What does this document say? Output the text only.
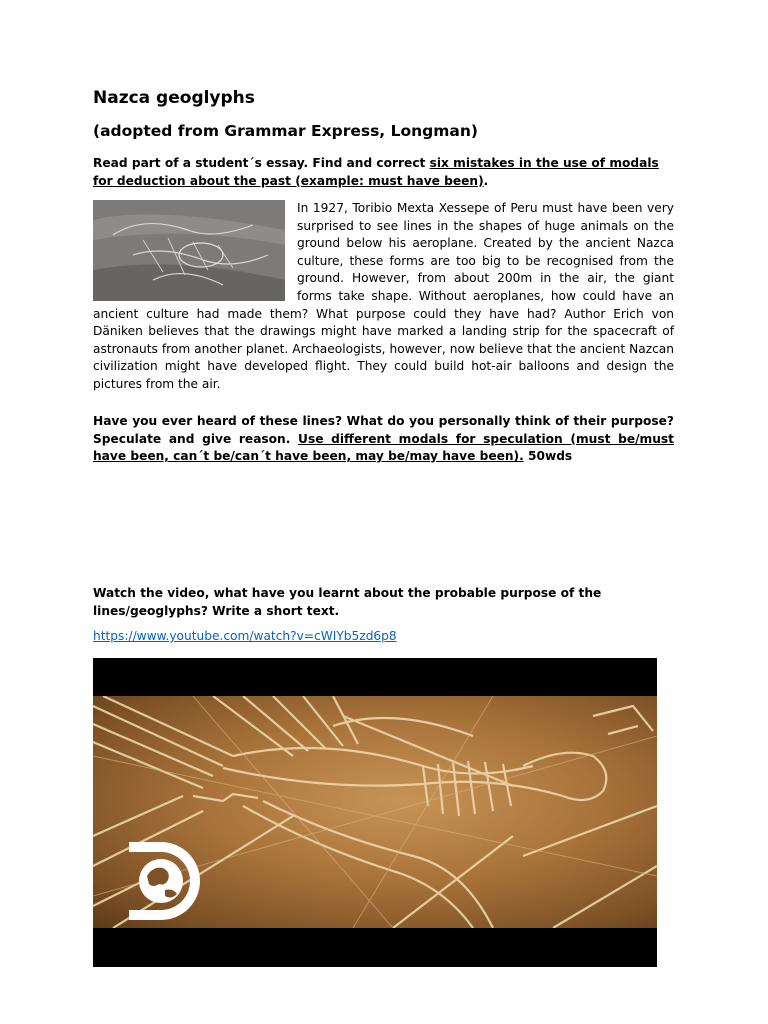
Nazca geoglyphs
(adopted from Grammar Express, Longman)

Read part of a student´s essay. Find and correct six mistakes in the use of modals for deduction about the past (example: must have been).

In 1927, Toribio Mexta Xessepe of Peru must have been very surprised to see lines in the shapes of huge animals on the ground below his aeroplane. Created by the ancient Nazca culture, these forms are too big to be recognised from the ground. However, from about 200m in the air, the giant forms take shape. Without aeroplanes, how could have an ancient culture had made them? What purpose could they have had? Author Erich von Däniken believes that the drawings might have marked a landing strip for the spacecraft of astronauts from another planet. Archaeologists, however, now believe that the ancient Nazcan civilization might have developed flight. They could build hot-air balloons and design the pictures from the air.

Have you ever heard of these lines? What do you personally think of their purpose? Speculate and give reason. Use different modals for speculation (must be/must have been, can´t be/can´t have been, may be/may have been). 50wds

Watch the video, what have you learnt about the probable purpose of the lines/geoglyphs? Write a short text.

https://www.youtube.com/watch?v=cWIYb5zd6p8
